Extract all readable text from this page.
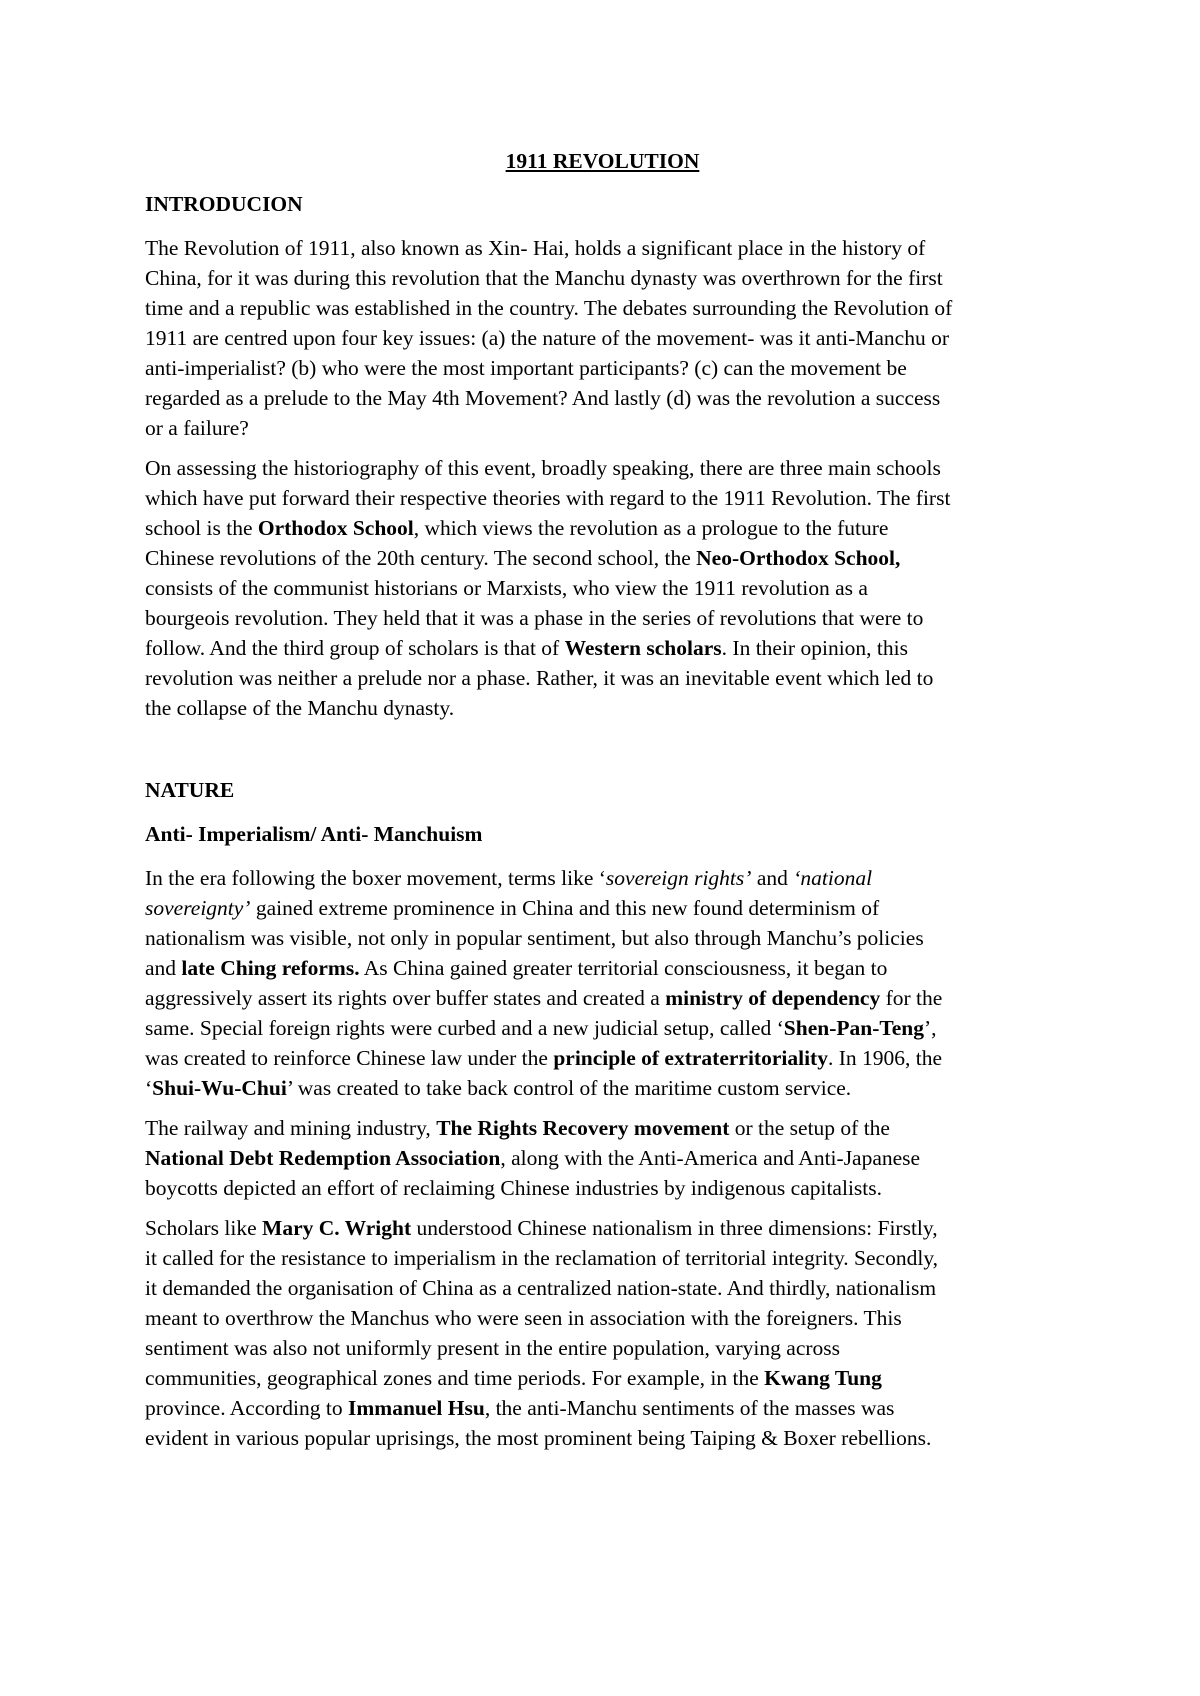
1911 REVOLUTION
INTRODUCION
The Revolution of 1911, also known as Xin- Hai, holds a significant place in the history of
China, for it was during this revolution that the Manchu dynasty was overthrown for the first
time and a republic was established in the country. The debates surrounding the Revolution of
1911 are centred upon four key issues: (a) the nature of the movement- was it anti-Manchu or
anti-imperialist? (b) who were the most important participants? (c) can the movement be
regarded as a prelude to the May 4th Movement? And lastly (d) was the revolution a success
or a failure?
On assessing the historiography of this event, broadly speaking, there are three main schools
which have put forward their respective theories with regard to the 1911 Revolution. The first
school is the Orthodox School, which views the revolution as a prologue to the future
Chinese revolutions of the 20th century. The second school, the Neo-Orthodox School,
consists of the communist historians or Marxists, who view the 1911 revolution as a
bourgeois revolution. They held that it was a phase in the series of revolutions that were to
follow. And the third group of scholars is that of Western scholars. In their opinion, this
revolution was neither a prelude nor a phase. Rather, it was an inevitable event which led to
the collapse of the Manchu dynasty.
NATURE
Anti- Imperialism/ Anti- Manchuism
In the era following the boxer movement, terms like ‘sovereign rights’ and ‘national
sovereignty’ gained extreme prominence in China and this new found determinism of
nationalism was visible, not only in popular sentiment, but also through Manchu’s policies
and late Ching reforms. As China gained greater territorial consciousness, it began to
aggressively assert its rights over buffer states and created a ministry of dependency for the
same. Special foreign rights were curbed and a new judicial setup, called ‘Shen-Pan-Teng’,
was created to reinforce Chinese law under the principle of extraterritoriality. In 1906, the
‘Shui-Wu-Chui’ was created to take back control of the maritime custom service.
The railway and mining industry, The Rights Recovery movement or the setup of the
National Debt Redemption Association, along with the Anti-America and Anti-Japanese
boycotts depicted an effort of reclaiming Chinese industries by indigenous capitalists.
Scholars like Mary C. Wright understood Chinese nationalism in three dimensions: Firstly,
it called for the resistance to imperialism in the reclamation of territorial integrity. Secondly,
it demanded the organisation of China as a centralized nation-state. And thirdly, nationalism
meant to overthrow the Manchus who were seen in association with the foreigners. This
sentiment was also not uniformly present in the entire population, varying across
communities, geographical zones and time periods. For example, in the Kwang Tung
province. According to Immanuel Hsu, the anti-Manchu sentiments of the masses was
evident in various popular uprisings, the most prominent being Taiping & Boxer rebellions.
